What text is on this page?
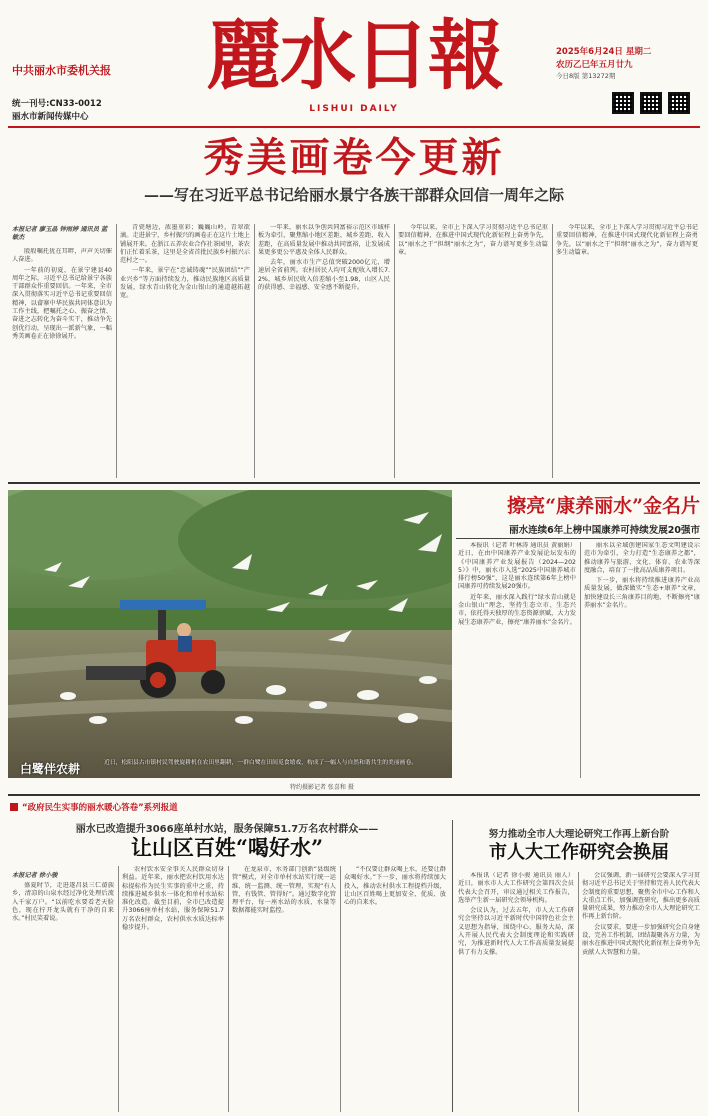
中共丽水市委机关报
统一刊号:CN33-0012
丽水市新闻传媒中心
麗水日報
LISHUI DAILY
2025年6月24日 星期二
农历乙巳年五月廿九
今日8版 第13272期
秀美画卷今更新
——写在习近平总书记给丽水景宁各族干部群众回信一周年之际
本报记者 廖玉晶 钟雨婷 通讯员 蓝敏杰

殷殷嘱托犹在耳畔，声声关切催人奋进。

一年前的初夏，在景宁建县40周年之际，习近平总书记给景宁各族干部群众作重要回信。一年来，全市深入贯彻落实习近平总书记重要回信精神，以畲寨中华民族共同体意识为工作主线，把嘱托之心、振奋之情、奋进之志转化为奋斗实干，推动争先创优行动，呈现出一派新气象，一幅秀美画卷正在徐徐展开。

青瓷塘边，浓墨重彩；巍巍山岭，青翠欲滴。走进景宁，乡村振兴的画卷正在这片土地上铺展开来。在浙江五养农业合作社茶园里，茶农们正忙着采茶，这里是全省首批民族乡村振兴示范村之一。

一年来，景宁在“忠诚铸魂”“民族团结”“产业兴乡”等方面持续发力，推动民族地区高质量发展，绿水青山转化为金山银山的通道越拓越宽。

一年来，丽水以争创共同富裕示范区市域样板为牵引，聚焦缩小地区差距、城乡差距、收入差距，在高质量发展中推动共同富裕，让发展成果更多更公平惠及全体人民群众。

去年，丽水市生产总值突破2000亿元，增速居全省前列。农村居民人均可支配收入增长7.2%，城乡居民收入倍差缩小至1.98，山区人民的获得感、幸福感、安全感不断提升。

今年以来，全市上下深入学习贯彻习近平总书记重要回信精神，在推进中国式现代化新征程上奋勇争先，以“丽水之干”担纲“丽水之为”，奋力谱写更多生动篇章。

今年以来，全市上下深入学习贯彻习近平总书记重要回信精神，在推进中国式现代化新征程上奋勇争先，以“丽水之干”担纲“丽水之为”，奋力谱写更多生动篇章。

白鹭伴农耕	近日，松阳县古市镇村民驾驶旋耕机在农田里翻耕，一群白鹭在田间觅食嬉戏，构成了一幅人与自然和谐共生的美丽画卷。
特约摄影记者 张喜和 摄
擦亮“康养丽水”金名片
丽水连续6年上榜中国康养可持续发展20强市

本报讯（记者 叶林涛 通讯员 黄丽娟）近日，在由中国康养产业发展论坛发布的《中国康养产业发展报告（2024—2025）》中，丽水市入选“2025中国康养城市排行榜50强”，这是丽水连续第6年上榜中国康养可持续发展20强市。

近年来，丽水深入践行“绿水青山就是金山银山”理念，坚持生态立市、生态兴市，依托得天独厚的生态资源禀赋，大力发展生态康养产业，擦亮“康养丽水”金名片。

丽水以全域创建国家生态文明建设示范市为牵引，全力打造“生态康养之都”，推动康养与旅游、文化、体育、农业等深度融合，培育了一批高品质康养项目。

下一步，丽水将持续推进康养产业高质量发展，做深做实“生态+康养”文章，加快建设长三角康养目的地，不断擦亮“康养丽水”金名片。

“政府民生实事的丽水暖心答卷”系列报道
丽水已改造提升3066座单村水站，服务保障51.7万名农村群众——
让山区百姓“喝好水”
本报记者 徐小骏

盛夏时节，走进遂昌县三仁畲族乡，清凉的山泉水经过净化处理后流入千家万户。“以前吃水要看老天脸色，现在拧开龙头就有干净的自来水。”村民笑着说。

农村饮水安全事关人民群众切身利益。近年来，丽水把农村饮用水达标提标作为民生实事的重中之重，持续推进城乡供水一体化和单村水站标准化改造。截至目前，全市已改造提升3066座单村水站，服务保障51.7万名农村群众，农村供水水质达标率稳步提升。

在龙泉市，水务部门创新“县级统管”模式，对全市单村水站实行统一运维、统一监测、统一管理，实现“有人管、有钱管、管得好”。通过数字化管理平台，每一座水站的水质、水量等数据都能实时监控。

“不仅要让群众喝上水，还要让群众喝好水。”下一步，丽水将持续加大投入，推动农村供水工程提档升级，让山区百姓喝上更加安全、优质、放心的自来水。

努力推动全市人大理论研究工作再上新台阶
市人大工作研究会换届

本报讯（记者 徐小骏 通讯员 丽人）近日，丽水市人大工作研究会第四次会员代表大会召开，审议通过相关工作报告，选举产生新一届研究会领导机构。

会议认为，过去五年，市人大工作研究会坚持以习近平新时代中国特色社会主义思想为指导，围绕中心、服务大局，深入开展人民代表大会制度理论和实践研究，为推进新时代人大工作高质量发展提供了有力支撑。

会议强调，新一届研究会要深入学习贯彻习近平总书记关于坚持和完善人民代表大会制度的重要思想，聚焦全市中心工作和人大重点工作，加强调查研究，推出更多高质量研究成果，努力推动全市人大理论研究工作再上新台阶。

会议要求，要进一步加强研究会自身建设，完善工作机制，团结凝聚各方力量，为丽水在推进中国式现代化新征程上奋勇争先贡献人大智慧和力量。
